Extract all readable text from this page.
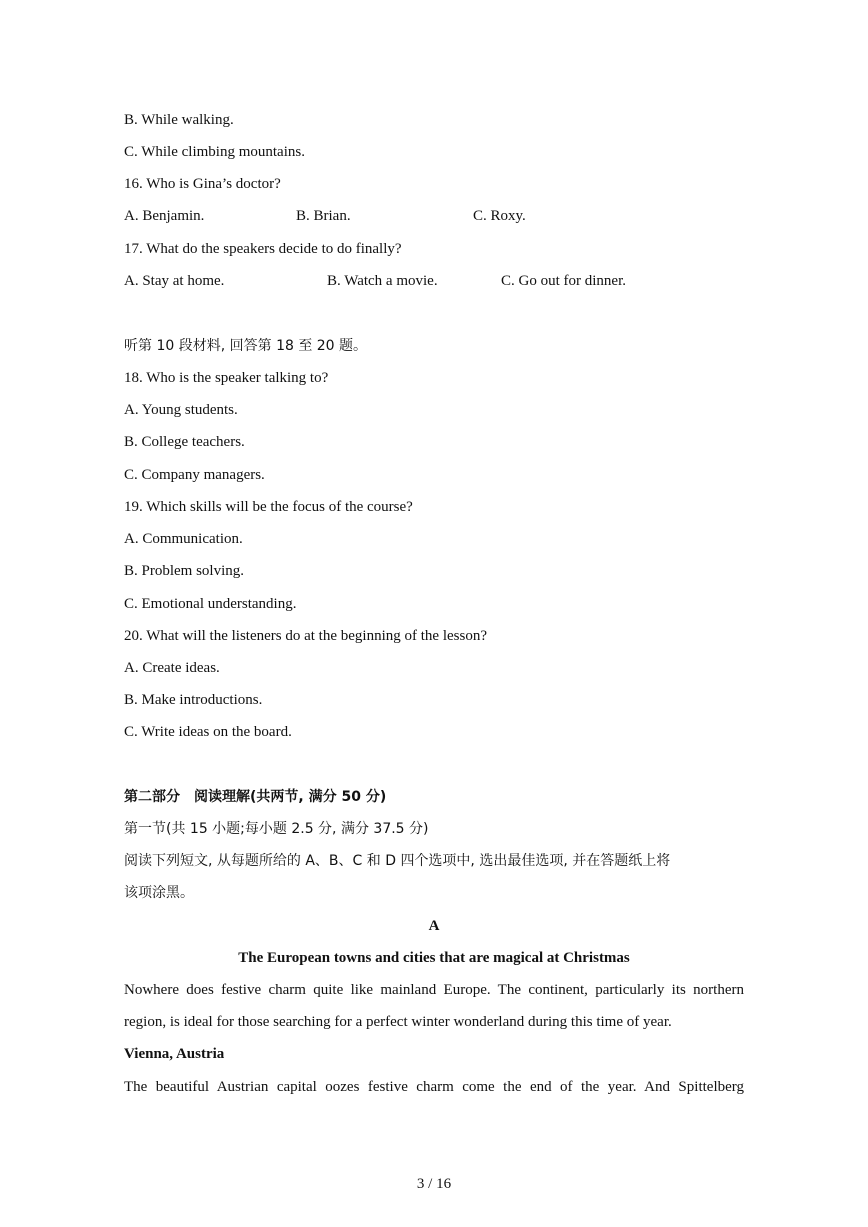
B. While walking.
C. While climbing mountains.
16. Who is Gina’s doctor?
A. Benjamin.	B. Brian.	C. Roxy.
17. What do the speakers decide to do finally?
A. Stay at home.	B. Watch a movie.	C. Go out for dinner.
听第 10 段材料, 回答第 18 至 20 题。
18. Who is the speaker talking to?
A. Young students.
B. College teachers.
C. Company managers.
19. Which skills will be the focus of the course?
A. Communication.
B. Problem solving.
C. Emotional understanding.
20. What will the listeners do at the beginning of the lesson?
A. Create ideas.
B. Make introductions.
C. Write ideas on the board.
第二部分　阅读理解(共两节, 满分 50 分)
第一节(共 15 小题;每小题 2.5 分, 满分 37.5 分)
阅读下列短文, 从每题所给的 A、B、C 和 D 四个选项中, 选出最佳选项, 并在答题纸上将
该项涂黑。
A
The European towns and cities that are magical at Christmas
Nowhere does festive charm quite like mainland Europe. The continent, particularly its northern
region, is ideal for those searching for a perfect winter wonderland during this time of year.
Vienna, Austria
The beautiful Austrian capital oozes festive charm come the end of the year. And Spittelberg
3 / 16
